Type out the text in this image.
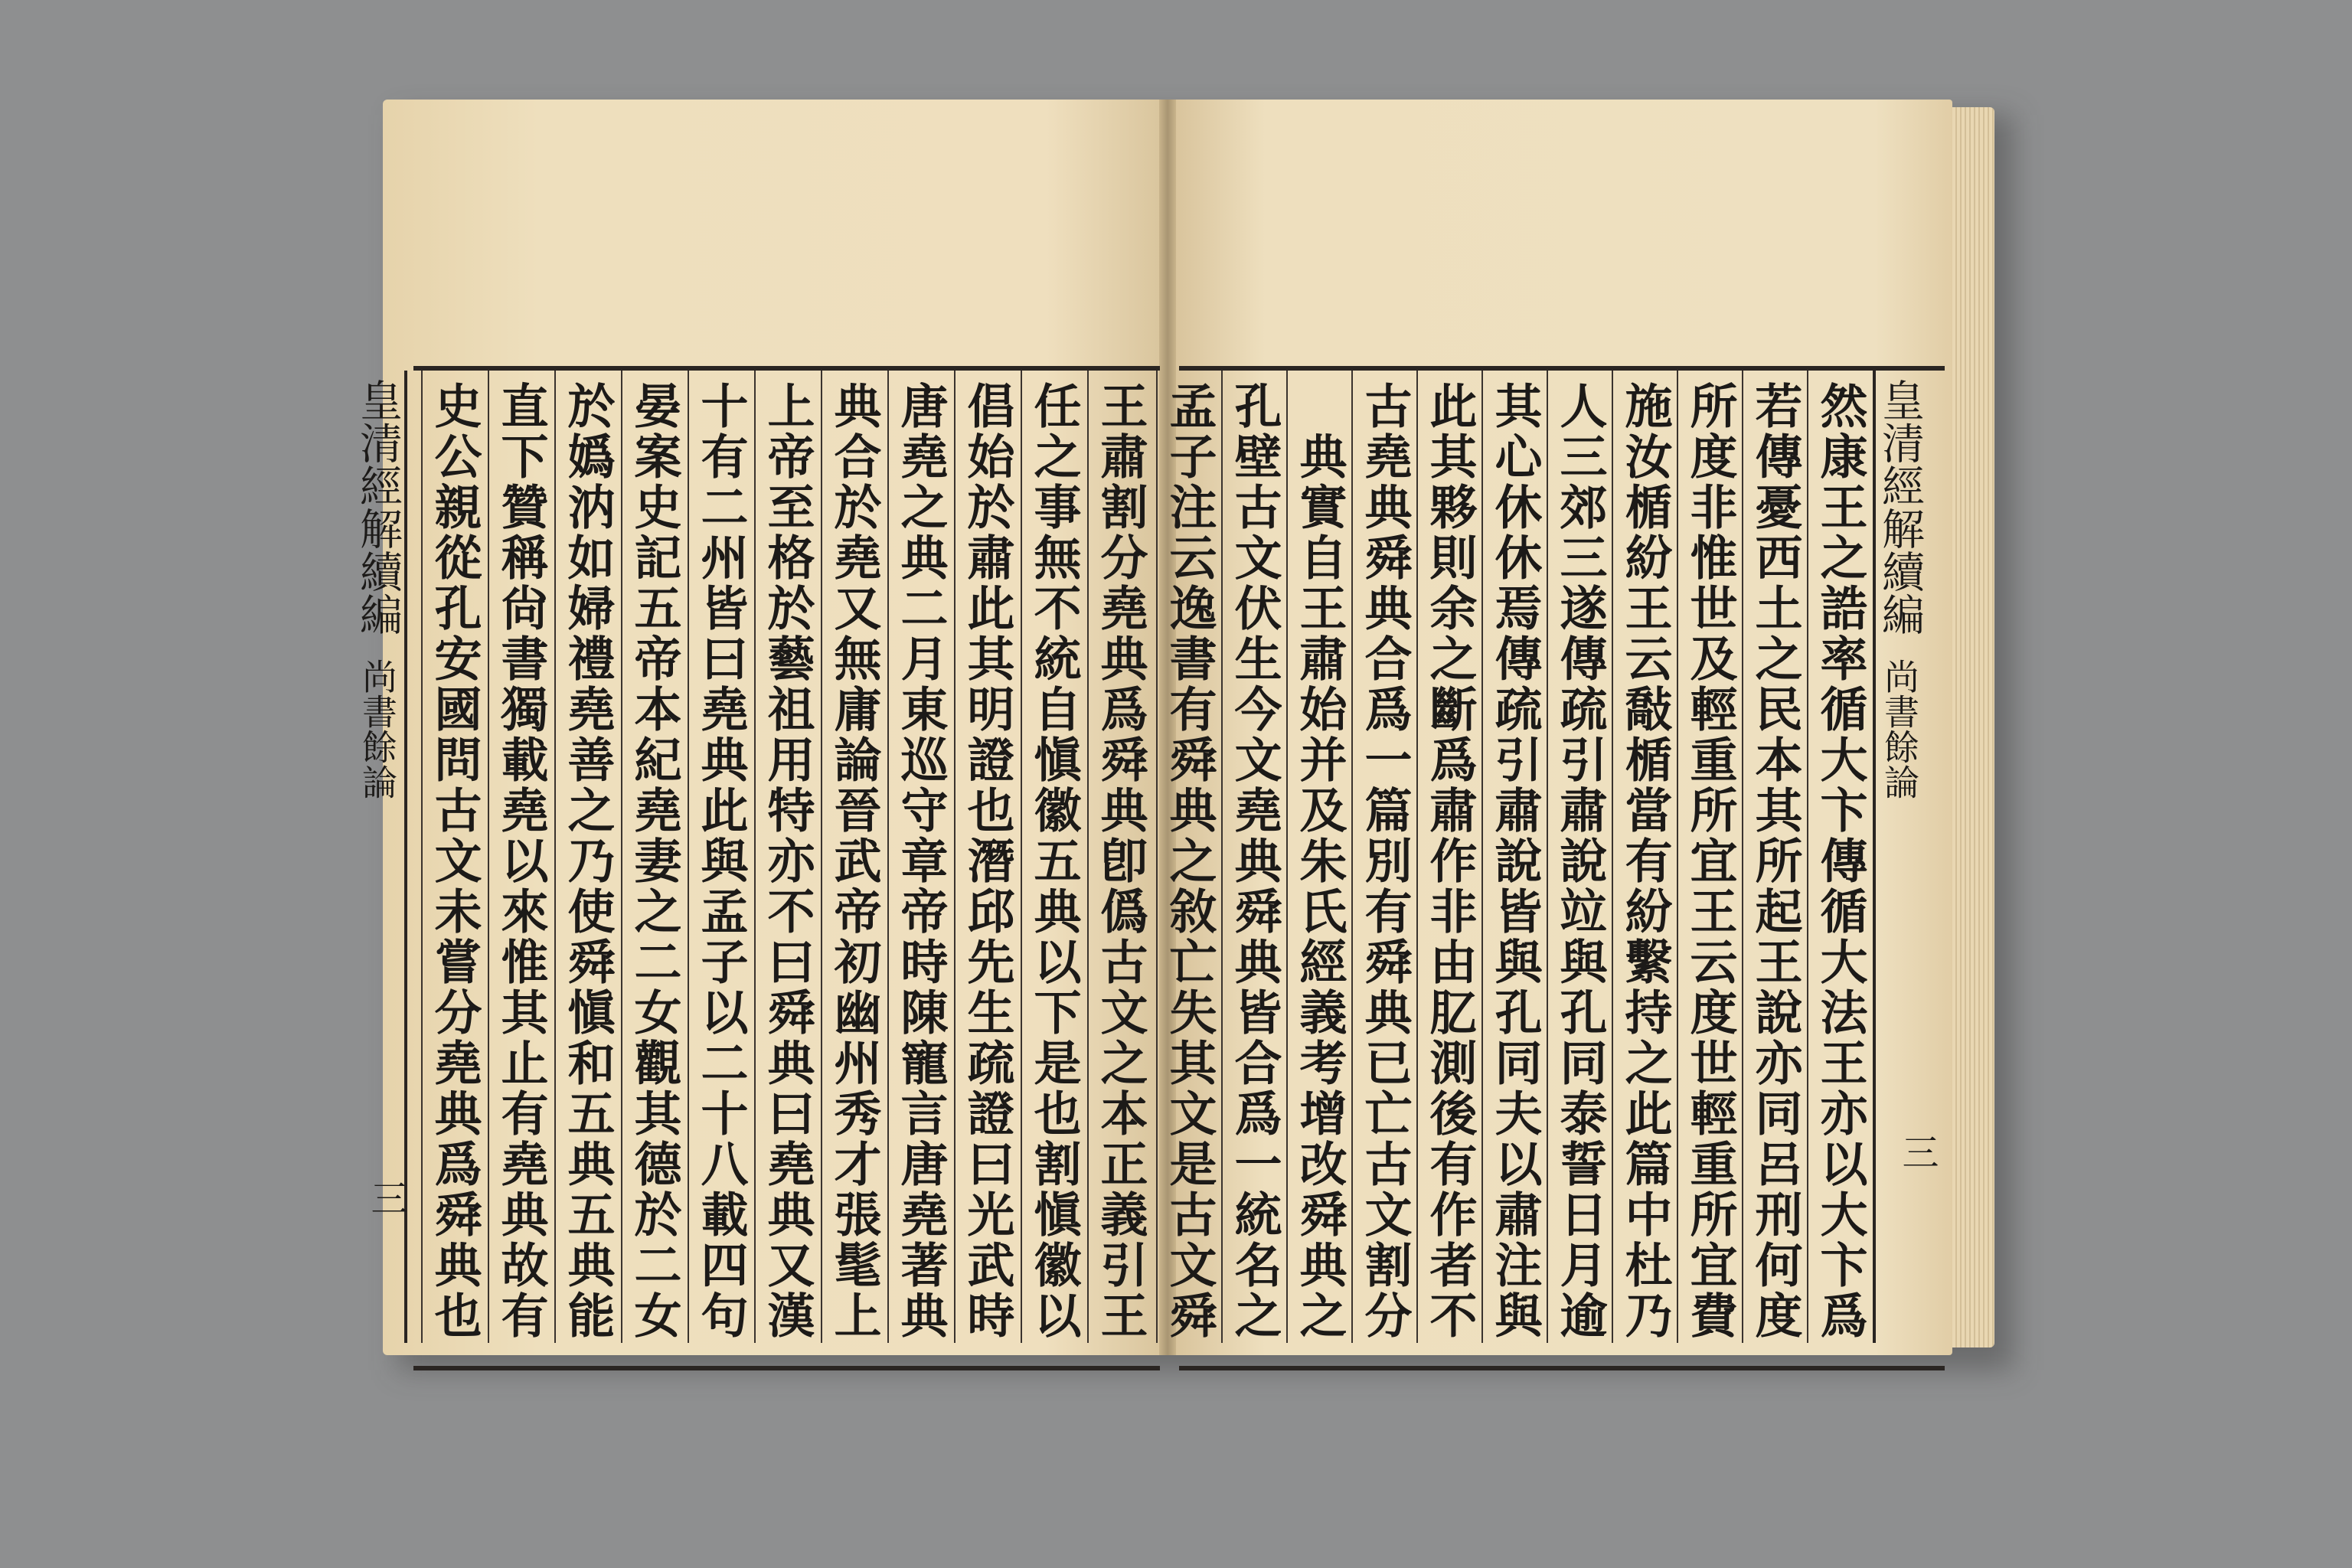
王肅割分堯典爲舜典卽僞古文之本正義引王
任之事無不統自愼徽五典以下是也割愼徽以
倡始於肅此其明證也潛邱先生疏證曰光武時
唐堯之典二月東巡守章帝時陳寵言唐堯著典
典合於堯又無庸論晉武帝初幽州秀才張髦上
上帝至格於藝祖用特亦不曰舜典曰堯典又漢
十有二州皆曰堯典此與孟子以二十八載四句
晏案史記五帝本紀堯妻之二女觀其德於二女
於嬀汭如婦禮堯善之乃使舜愼和五典五典能
直下贊稱尙書獨載堯以來惟其止有堯典故有
史公親從孔安國問古文未嘗分堯典爲舜典也
皇清經解續編尚書餘論
三
然康王之誥率循大卞傳循大法王亦以大卞爲
若傳憂西土之民本其所起王說亦同呂刑何度
所度非惟世及輕重所宜王云度世輕重所宜費
施汝楯紛王云敽楯當有紛繫持之此篇中杜乃
人三郊三遂傳疏引肅說竝與孔同泰誓日月逾
其心休休焉傳疏引肅說皆與孔同夫以肅注與
此其夥則余之斷爲肅作非由肊測後有作者不
古堯典舜典合爲一篇別有舜典已亡古文割分
典實自王肅始并及朱氏經義考增改舜典之
孔壁古文伏生今文堯典舜典皆合爲一統名之
孟子注云逸書有舜典之敘亡失其文是古文舜
皇清經解續編尚書餘論
三
